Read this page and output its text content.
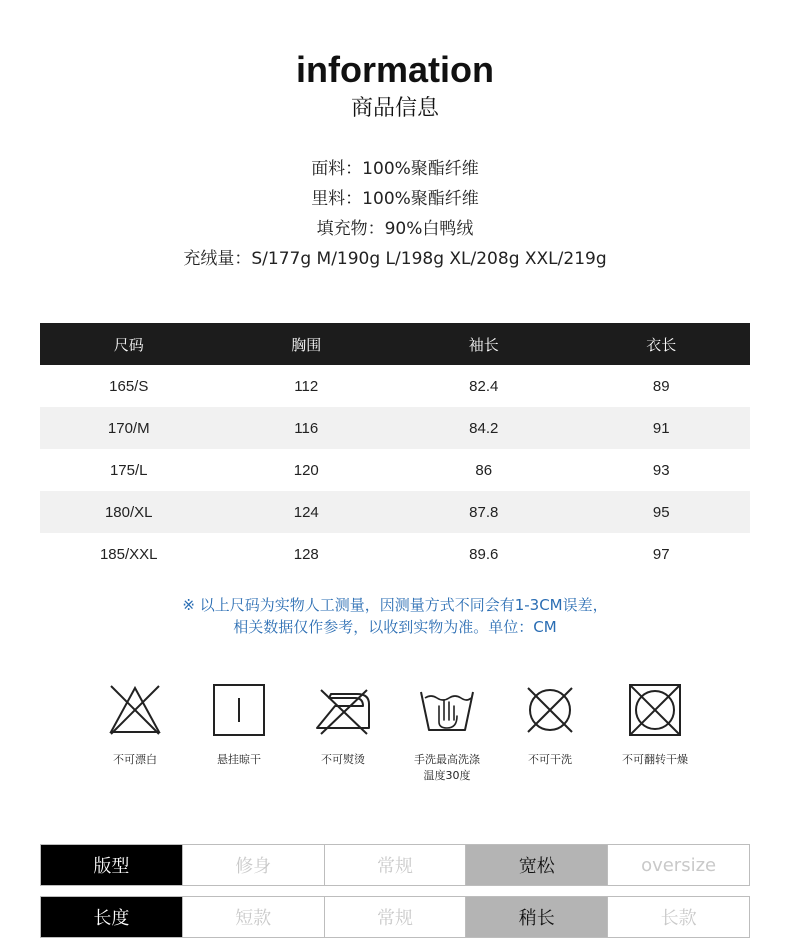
information
商品信息
面料：100%聚酯纤维
里料：100%聚酯纤维
填充物：90%白鸭绒
充绒量：S/177g M/190g L/198g XL/208g XXL/219g
尺码	胸围	袖长	衣长
165/S	112	82.4	89
170/M	116	84.2	91
175/L	120	86	93
180/XL	124	87.8	95
185/XXL	128	89.6	97
※ 以上尺码为实物人工测量，因测量方式不同会有1-3CM误差，
相关数据仅作参考，以收到实物为准。单位：CM
不可漂白	悬挂晾干	不可熨烫	手洗最高洗涤温度30度
不可干洗	不可翻转干燥
版型	修身	常规	宽松	oversize
长度	短款	常规	稍长	长款
